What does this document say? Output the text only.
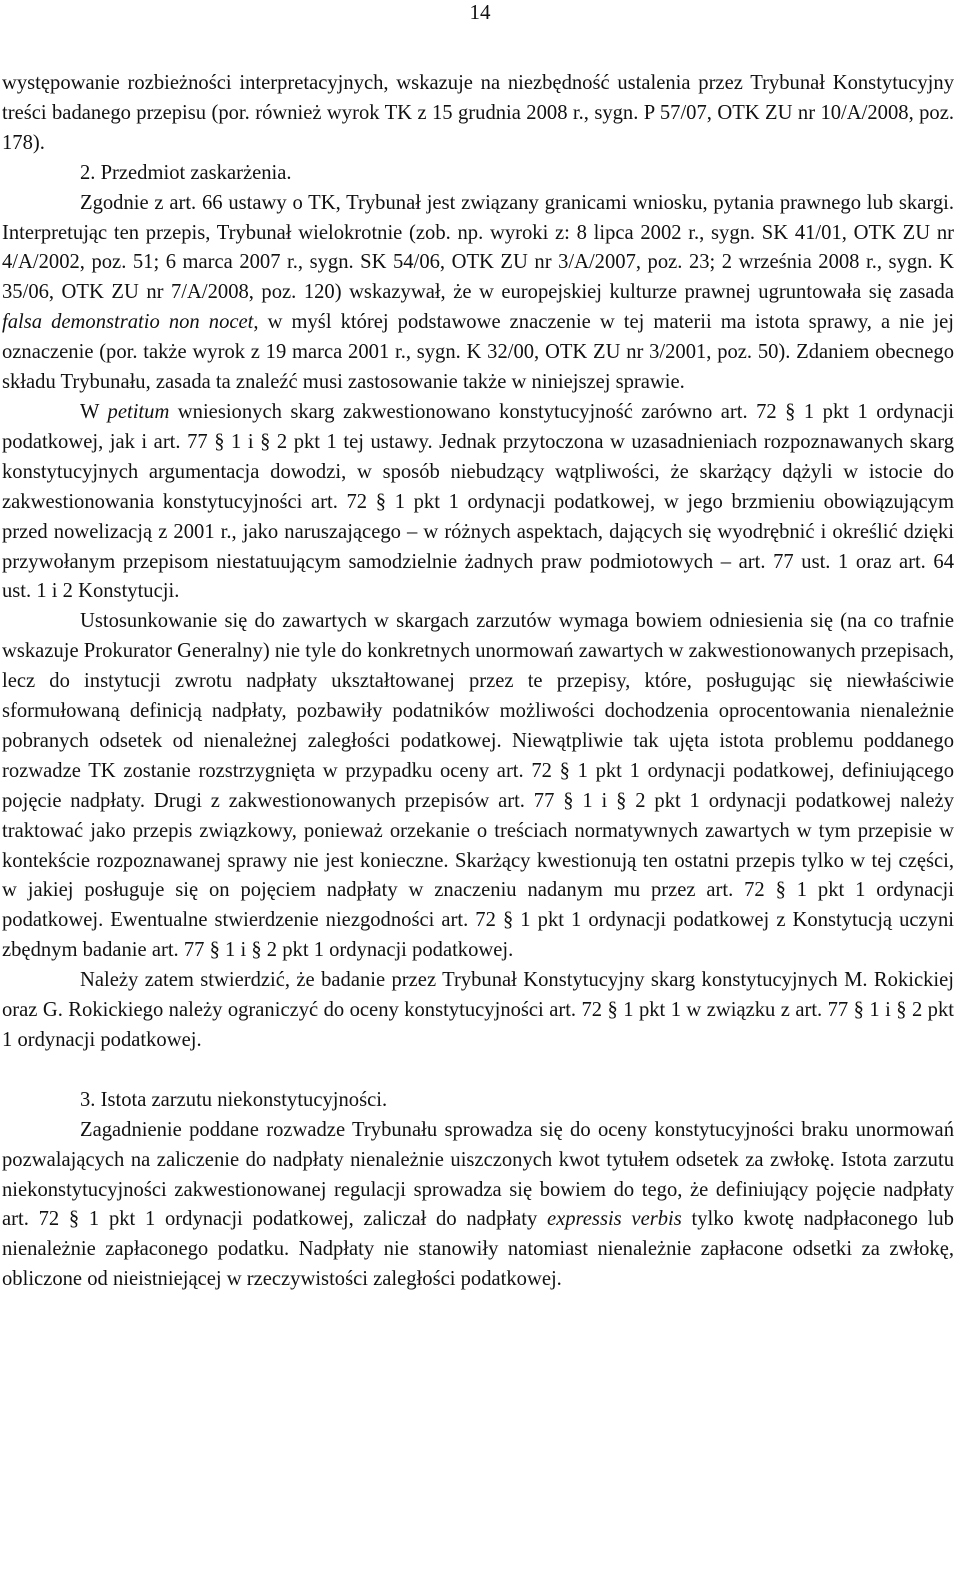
14

występowanie rozbieżności interpretacyjnych, wskazuje na niezbędność ustalenia przez Trybunał Konstytucyjny treści badanego przepisu (por. również wyrok TK z 15 grudnia 2008 r., sygn. P 57/07, OTK ZU nr 10/A/2008, poz. 178).

2. Przedmiot zaskarżenia.

Zgodnie z art. 66 ustawy o TK, Trybunał jest związany granicami wniosku, pytania prawnego lub skargi. Interpretując ten przepis, Trybunał wielokrotnie (zob. np. wyroki z: 8 lipca 2002 r., sygn. SK 41/01, OTK ZU nr 4/A/2002, poz. 51; 6 marca 2007 r., sygn. SK 54/06, OTK ZU nr 3/A/2007, poz. 23; 2 września 2008 r., sygn. K 35/06, OTK ZU nr 7/A/2008, poz. 120) wskazywał, że w europejskiej kulturze prawnej ugruntowała się zasada falsa demonstratio non nocet, w myśl której podstawowe znaczenie w tej materii ma istota sprawy, a nie jej oznaczenie (por. także wyrok z 19 marca 2001 r., sygn. K 32/00, OTK ZU nr 3/2001, poz. 50). Zdaniem obecnego składu Trybunału, zasada ta znaleźć musi zastosowanie także w niniejszej sprawie.

W petitum wniesionych skarg zakwestionowano konstytucyjność zarówno art. 72 § 1 pkt 1 ordynacji podatkowej, jak i art. 77 § 1 i § 2 pkt 1 tej ustawy. Jednak przytoczona w uzasadnieniach rozpoznawanych skarg konstytucyjnych argumentacja dowodzi, w sposób niebudzący wątpliwości, że skarżący dążyli w istocie do zakwestionowania konstytucyjności art. 72 § 1 pkt 1 ordynacji podatkowej, w jego brzmieniu obowiązującym przed nowelizacją z 2001 r., jako naruszającego – w różnych aspektach, dających się wyodrębnić i określić dzięki przywołanym przepisom niestatuującym samodzielnie żadnych praw podmiotowych – art. 77 ust. 1 oraz art. 64 ust. 1 i 2 Konstytucji.

Ustosunkowanie się do zawartych w skargach zarzutów wymaga bowiem odniesienia się (na co trafnie wskazuje Prokurator Generalny) nie tyle do konkretnych unormowań zawartych w zakwestionowanych przepisach, lecz do instytucji zwrotu nadpłaty ukształtowanej przez te przepisy, które, posługując się niewłaściwie sformułowaną definicją nadpłaty, pozbawiły podatników możliwości dochodzenia oprocentowania nienależnie pobranych odsetek od nienależnej zaległości podatkowej. Niewątpliwie tak ujęta istota problemu poddanego rozwadze TK zostanie rozstrzygnięta w przypadku oceny art. 72 § 1 pkt 1 ordynacji podatkowej, definiującego pojęcie nadpłaty. Drugi z zakwestionowanych przepisów art. 77 § 1 i § 2 pkt 1 ordynacji podatkowej należy traktować jako przepis związkowy, ponieważ orzekanie o treściach normatywnych zawartych w tym przepisie w kontekście rozpoznawanej sprawy nie jest konieczne. Skarżący kwestionują ten ostatni przepis tylko w tej części, w jakiej posługuje się on pojęciem nadpłaty w znaczeniu nadanym mu przez art. 72 § 1 pkt 1 ordynacji podatkowej. Ewentualne stwierdzenie niezgodności art. 72 § 1 pkt 1 ordynacji podatkowej z Konstytucją uczyni zbędnym badanie art. 77 § 1 i § 2 pkt 1 ordynacji podatkowej.

Należy zatem stwierdzić, że badanie przez Trybunał Konstytucyjny skarg konstytucyjnych M. Rokickiej oraz G. Rokickiego należy ograniczyć do oceny konstytucyjności art. 72 § 1 pkt 1 w związku z art. 77 § 1 i § 2 pkt 1 ordynacji podatkowej.

3. Istota zarzutu niekonstytucyjności.

Zagadnienie poddane rozwadze Trybunału sprowadza się do oceny konstytucyjności braku unormowań pozwalających na zaliczenie do nadpłaty nienależnie uiszczonych kwot tytułem odsetek za zwłokę. Istota zarzutu niekonstytucyjności zakwestionowanej regulacji sprowadza się bowiem do tego, że definiujący pojęcie nadpłaty art. 72 § 1 pkt 1 ordynacji podatkowej, zaliczał do nadpłaty expressis verbis tylko kwotę nadpłaconego lub nienależnie zapłaconego podatku. Nadpłaty nie stanowiły natomiast nienależnie zapłacone odsetki za zwłokę, obliczone od nieistniejącej w rzeczywistości zaległości podatkowej.
